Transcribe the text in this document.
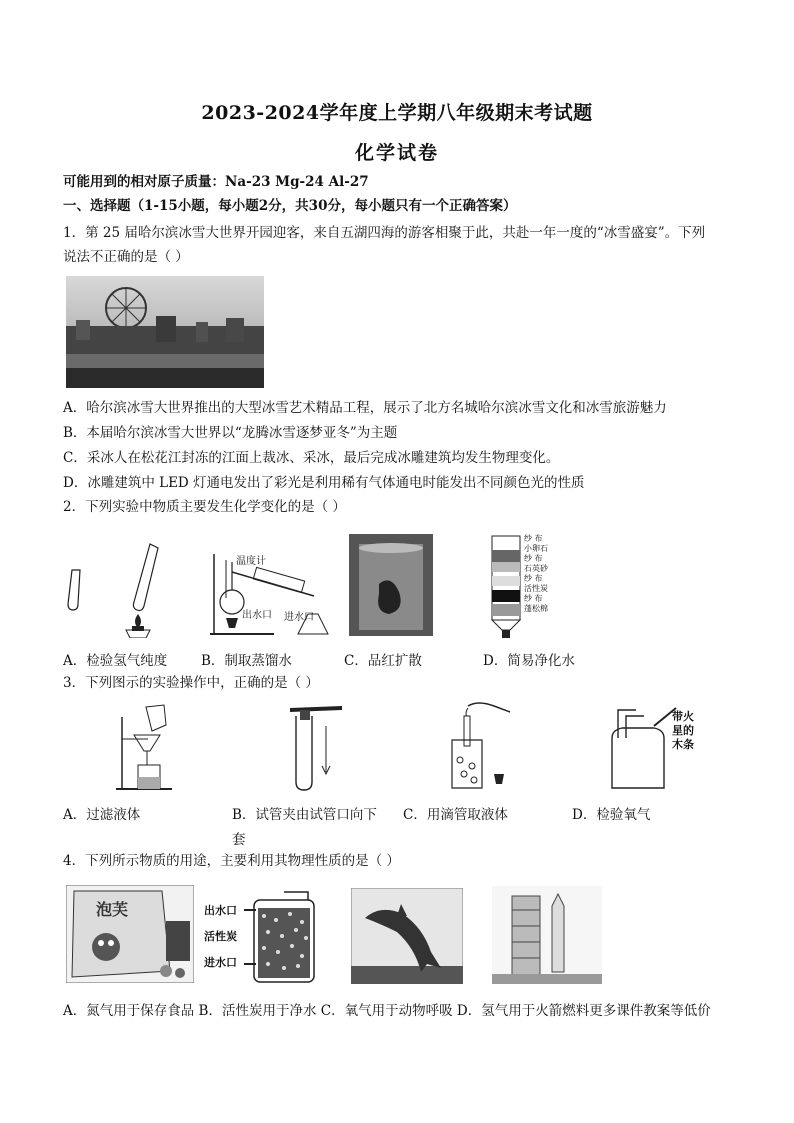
2023-2024学年度上学期八年级期末考试题
化学试卷
可能用到的相对原子质量：Na-23 Mg-24 Al-27
一、选择题（1-15小题，每小题2分，共30分，每小题只有一个正确答案）
1．第 25 届哈尔滨冰雪大世界开园迎客，来自五湖四海的游客相聚于此，共赴一年一度的“冰雪盛宴”。下列
说法不正确的是（ ）
A．哈尔滨冰雪大世界推出的大型冰雪艺术精品工程，展示了北方名城哈尔滨冰雪文化和冰雪旅游魅力
B．本届哈尔滨冰雪大世界以“龙腾冰雪逐梦亚冬”为主题
C．采冰人在松花江封冻的江面上裁冰、采冰，最后完成冰雕建筑均发生物理变化。
D．冰雕建筑中 LED 灯通电发出了彩光是利用稀有气体通电时能发出不同颜色光的性质
2．下列实验中物质主要发生化学变化的是（ ）
温度计
出水口 进水口
纱 布
小卵石
纱 布
石英砂
纱 布
活性炭
纱 布
蓬松棉
A．检验氢气纯度	B．制取蒸馏水	C．品红扩散	D．简易净化水
3．下列图示的实验操作中，正确的是（ ）
带火
星的
木条
A．过滤液体	B．试管夹由试管口向下
套
C．用滴管取液体	D．检验氧气
4．下列所示物质的用途，主要利用其物理性质的是（ ）
泡芙	出水口
活性炭
进水口
A．氮气用于保存食品 B．活性炭用于净水 C．氧气用于动物呼吸 D．氢气用于火箭燃料更多课件教案等低价
